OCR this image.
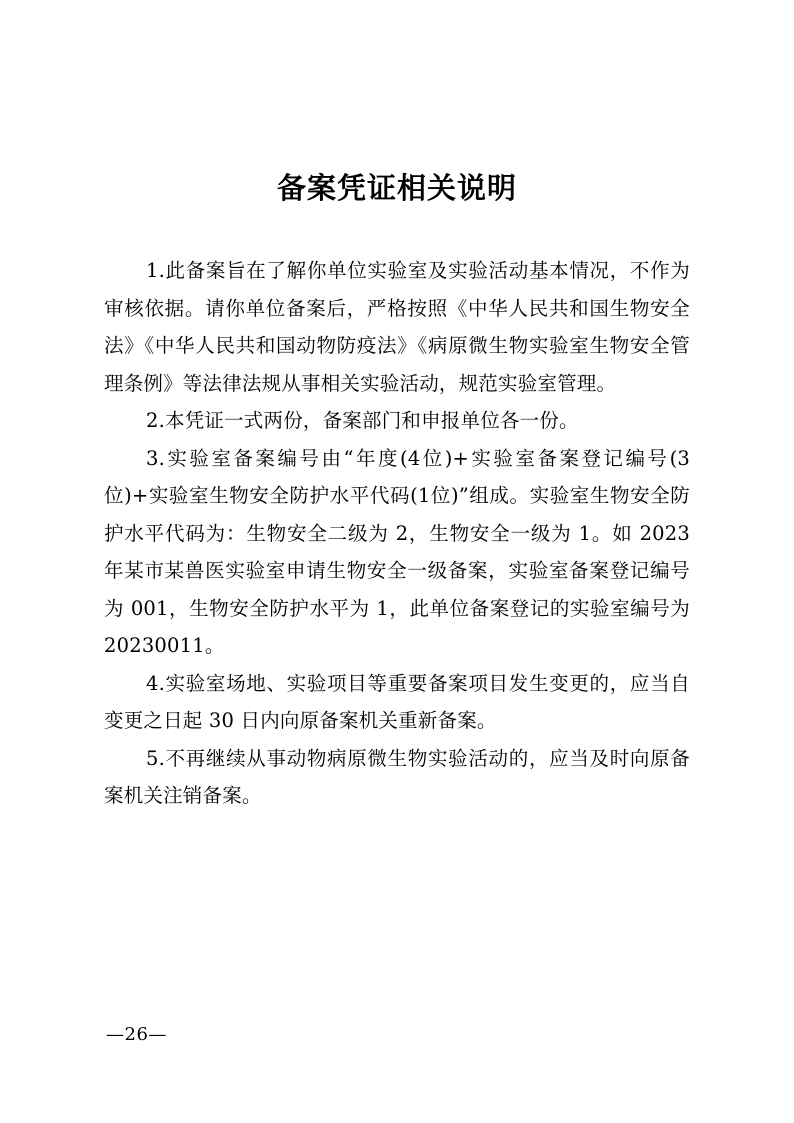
备案凭证相关说明

1.此备案旨在了解你单位实验室及实验活动基本情况，不作为审核依据。请你单位备案后，严格按照《中华人民共和国生物安全法》《中华人民共和国动物防疫法》《病原微生物实验室生物安全管理条例》等法律法规从事相关实验活动，规范实验室管理。

2.本凭证一式两份，备案部门和申报单位各一份。

3.实验室备案编号由“年度(4位)+实验室备案登记编号(3位)+实验室生物安全防护水平代码(1位)”组成。实验室生物安全防护水平代码为：生物安全二级为 2，生物安全一级为 1。如 2023 年某市某兽医实验室申请生物安全一级备案，实验室备案登记编号为 001，生物安全防护水平为 1，此单位备案登记的实验室编号为 20230011。

4.实验室场地、实验项目等重要备案项目发生变更的，应当自变更之日起 30 日内向原备案机关重新备案。

5.不再继续从事动物病原微生物实验活动的，应当及时向原备案机关注销备案。

—26—
